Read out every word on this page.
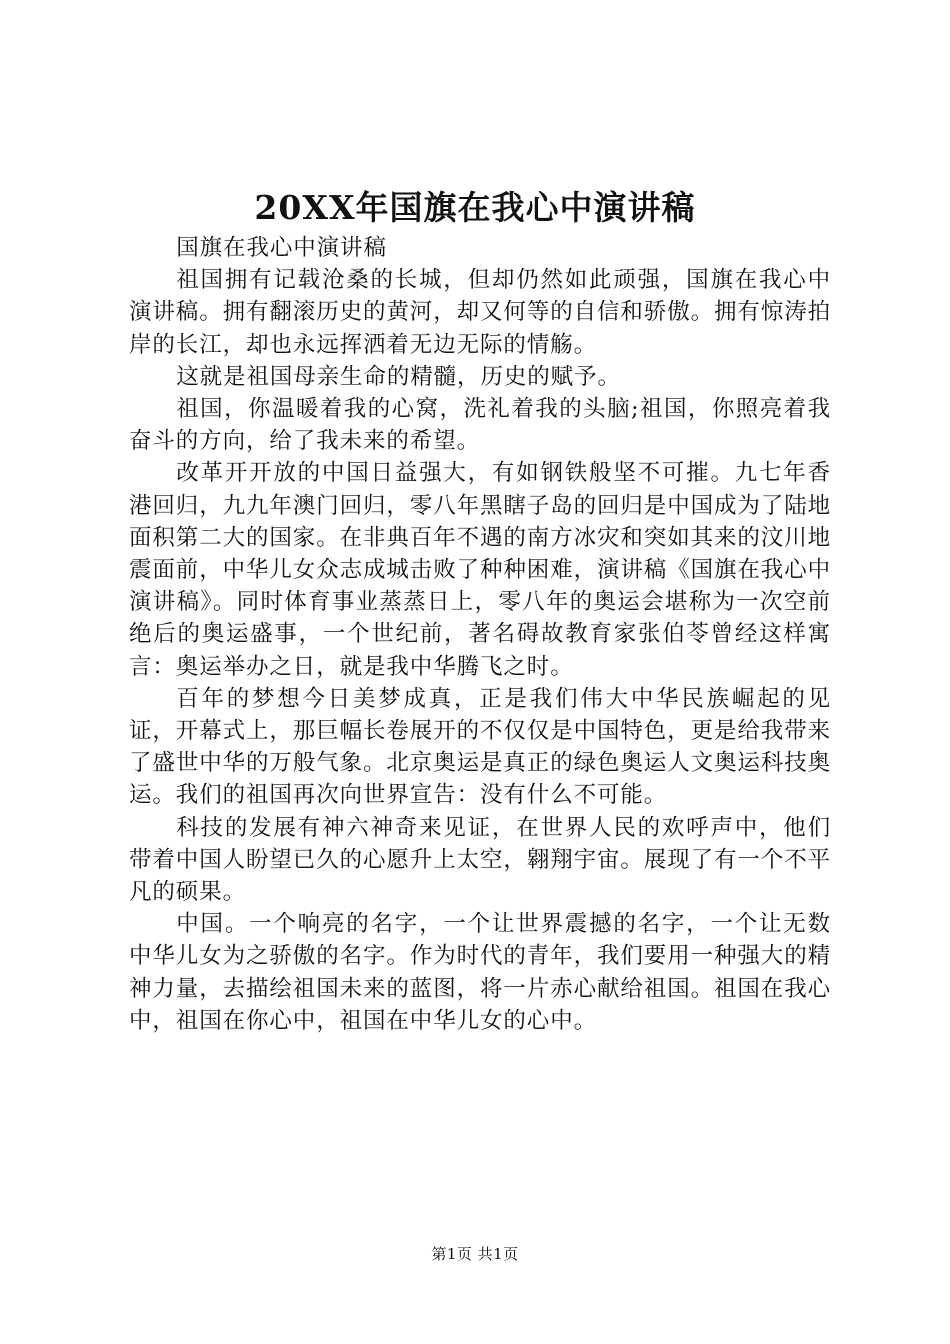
20XX年国旗在我心中演讲稿

国旗在我心中演讲稿

祖国拥有记载沧桑的长城，但却仍然如此顽强，国旗在我心中演讲稿。拥有翻滚历史的黄河，却又何等的自信和骄傲。拥有惊涛拍岸的长江，却也永远挥洒着无边无际的情觞。

这就是祖国母亲生命的精髓，历史的赋予。

祖国，你温暖着我的心窝，洗礼着我的头脑;祖国，你照亮着我奋斗的方向，给了我未来的希望。

改革开开放的中国日益强大，有如钢铁般坚不可摧。九七年香港回归，九九年澳门回归，零八年黑瞎子岛的回归是中国成为了陆地面积第二大的国家。在非典百年不遇的南方冰灾和突如其来的汶川地震面前，中华儿女众志成城击败了种种困难，演讲稿《国旗在我心中演讲稿》。同时体育事业蒸蒸日上，零八年的奥运会堪称为一次空前绝后的奥运盛事，一个世纪前，著名碍故教育家张伯苓曾经这样寓言：奥运举办之日，就是我中华腾飞之时。

百年的梦想今日美梦成真，正是我们伟大中华民族崛起的见证，开幕式上，那巨幅长卷展开的不仅仅是中国特色，更是给我带来了盛世中华的万般气象。北京奥运是真正的绿色奥运人文奥运科技奥运。我们的祖国再次向世界宣告：没有什么不可能。

科技的发展有神六神奇来见证，在世界人民的欢呼声中，他们带着中国人盼望已久的心愿升上太空，翱翔宇宙。展现了有一个不平凡的硕果。

中国。一个响亮的名字，一个让世界震撼的名字，一个让无数中华儿女为之骄傲的名字。作为时代的青年，我们要用一种强大的精神力量，去描绘祖国未来的蓝图，将一片赤心献给祖国。祖国在我心中，祖国在你心中，祖国在中华儿女的心中。

第1页 共1页
